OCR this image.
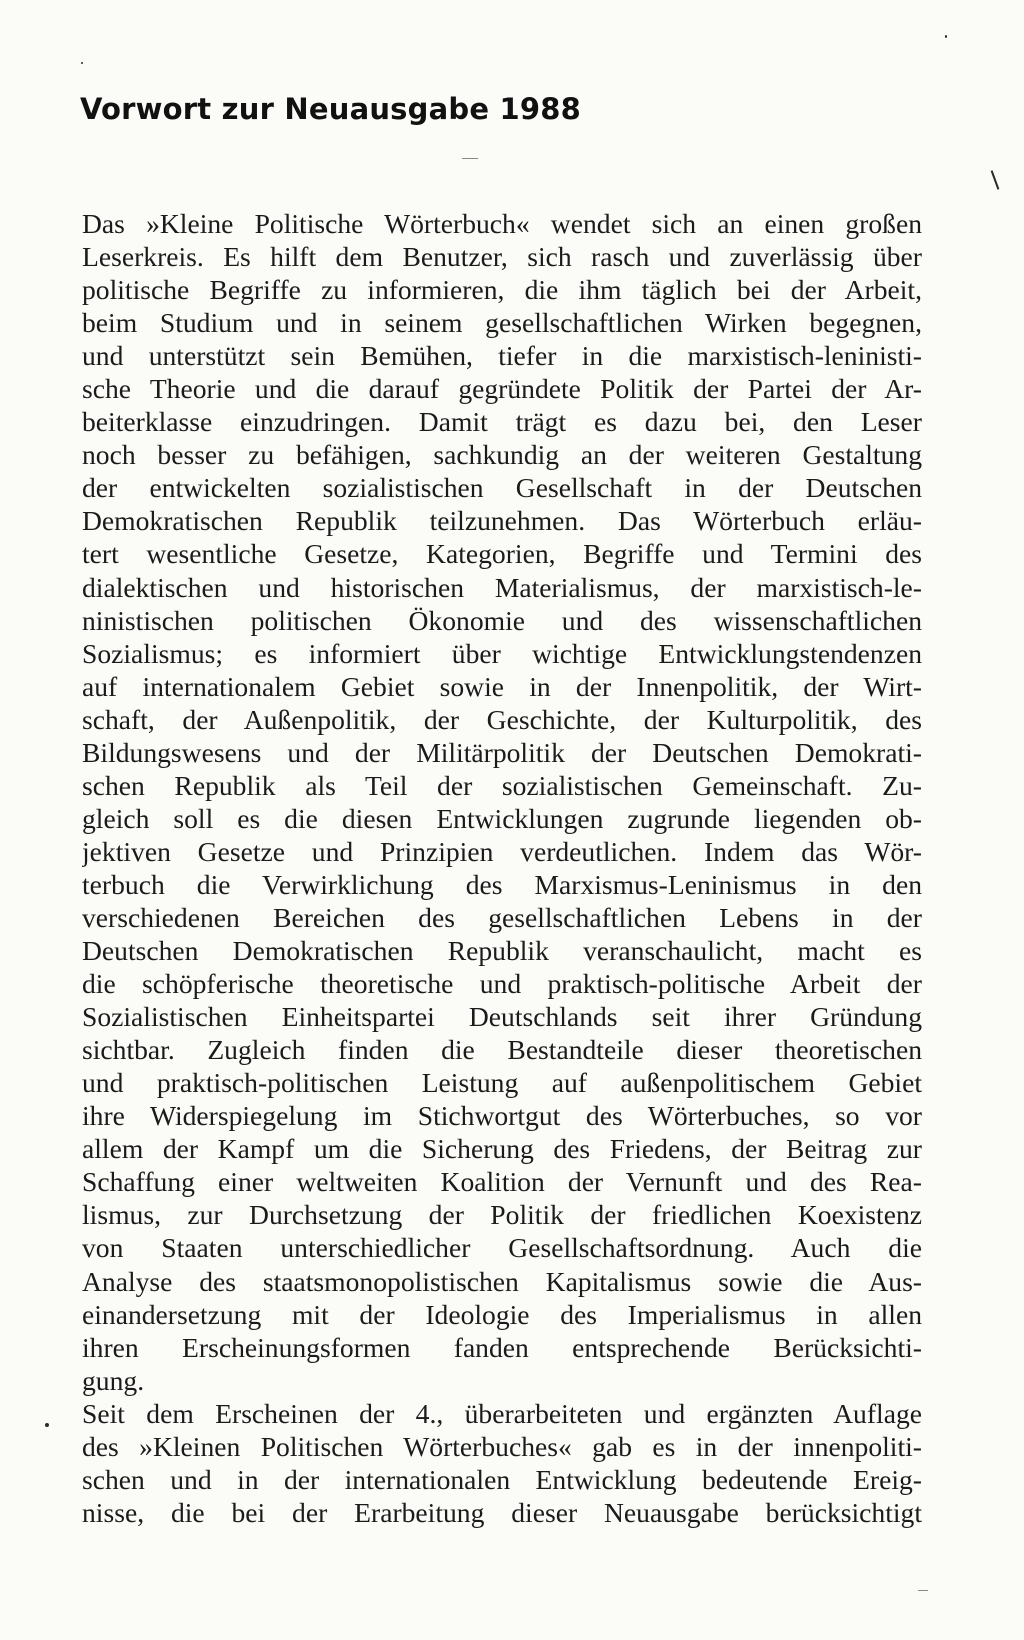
Vorwort zur Neuausgabe 1988
Das »Kleine Politische Wörterbuch« wendet sich an einen großen
Leserkreis. Es hilft dem Benutzer, sich rasch und zuverlässig über
politische Begriffe zu informieren, die ihm täglich bei der Arbeit,
beim Studium und in seinem gesellschaftlichen Wirken begegnen,
und unterstützt sein Bemühen, tiefer in die marxistisch-leninisti-
sche Theorie und die darauf gegründete Politik der Partei der Ar-
beiterklasse einzudringen. Damit trägt es dazu bei, den Leser
noch besser zu befähigen, sachkundig an der weiteren Gestaltung
der entwickelten sozialistischen Gesellschaft in der Deutschen
Demokratischen Republik teilzunehmen. Das Wörterbuch erläu-
tert wesentliche Gesetze, Kategorien, Begriffe und Termini des
dialektischen und historischen Materialismus, der marxistisch-le-
ninistischen politischen Ökonomie und des wissenschaftlichen
Sozialismus; es informiert über wichtige Entwicklungstendenzen
auf internationalem Gebiet sowie in der Innenpolitik, der Wirt-
schaft, der Außenpolitik, der Geschichte, der Kulturpolitik, des
Bildungswesens und der Militärpolitik der Deutschen Demokrati-
schen Republik als Teil der sozialistischen Gemeinschaft. Zu-
gleich soll es die diesen Entwicklungen zugrunde liegenden ob-
jektiven Gesetze und Prinzipien verdeutlichen. Indem das Wör-
terbuch die Verwirklichung des Marxismus-Leninismus in den
verschiedenen Bereichen des gesellschaftlichen Lebens in der
Deutschen Demokratischen Republik veranschaulicht, macht es
die schöpferische theoretische und praktisch-politische Arbeit der
Sozialistischen Einheitspartei Deutschlands seit ihrer Gründung
sichtbar. Zugleich finden die Bestandteile dieser theoretischen
und praktisch-politischen Leistung auf außenpolitischem Gebiet
ihre Widerspiegelung im Stichwortgut des Wörterbuches, so vor
allem der Kampf um die Sicherung des Friedens, der Beitrag zur
Schaffung einer weltweiten Koalition der Vernunft und des Rea-
lismus, zur Durchsetzung der Politik der friedlichen Koexistenz
von Staaten unterschiedlicher Gesellschaftsordnung. Auch die
Analyse des staatsmonopolistischen Kapitalismus sowie die Aus-
einandersetzung mit der Ideologie des Imperialismus in allen
ihren Erscheinungsformen fanden entsprechende Berücksichti-
gung.
Seit dem Erscheinen der 4., überarbeiteten und ergänzten Auflage
des »Kleinen Politischen Wörterbuches« gab es in der innenpoliti-
schen und in der internationalen Entwicklung bedeutende Ereig-
nisse, die bei der Erarbeitung dieser Neuausgabe berücksichtigt
